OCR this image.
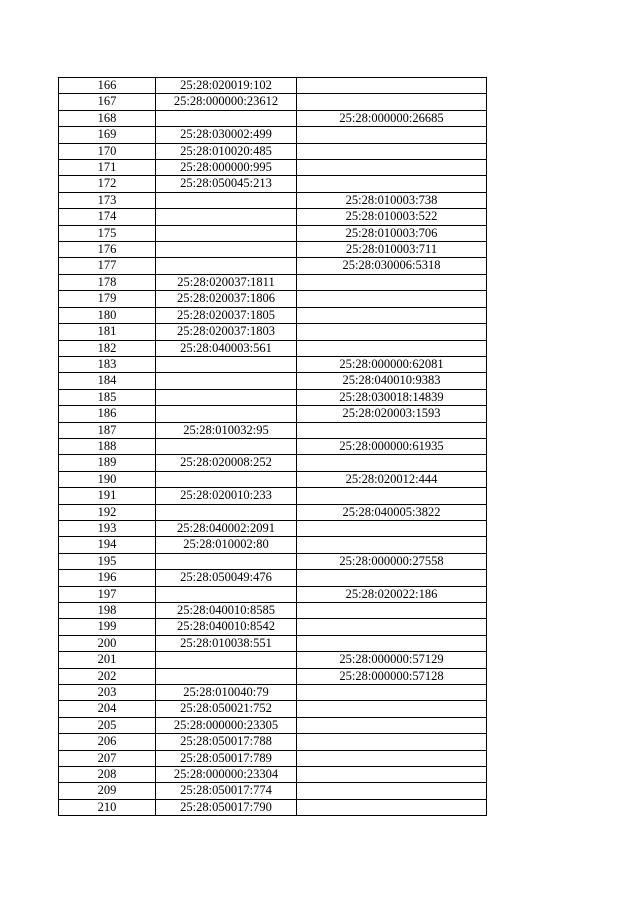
166	25:28:020019:102	
167	25:28:000000:23612	
168		25:28:000000:26685
169	25:28:030002:499	
170	25:28:010020:485	
171	25:28:000000:995	
172	25:28:050045:213	
173		25:28:010003:738
174		25:28:010003:522
175		25:28:010003:706
176		25:28:010003:711
177		25:28:030006:5318
178	25:28:020037:1811	
179	25:28:020037:1806	
180	25:28:020037:1805	
181	25:28:020037:1803	
182	25:28:040003:561	
183		25:28:000000:62081
184		25:28:040010:9383
185		25:28:030018:14839
186		25:28:020003:1593
187	25:28:010032:95	
188		25:28:000000:61935
189	25:28:020008:252	
190		25:28:020012:444
191	25:28:020010:233	
192		25:28:040005:3822
193	25:28:040002:2091	
194	25:28:010002:80	
195		25:28:000000:27558
196	25:28:050049:476	
197		25:28:020022:186
198	25:28:040010:8585	
199	25:28:040010:8542	
200	25:28:010038:551	
201		25:28:000000:57129
202		25:28:000000:57128
203	25:28:010040:79	
204	25:28:050021:752	
205	25:28:000000:23305	
206	25:28:050017:788	
207	25:28:050017:789	
208	25:28:000000:23304	
209	25:28:050017:774	
210	25:28:050017:790	
